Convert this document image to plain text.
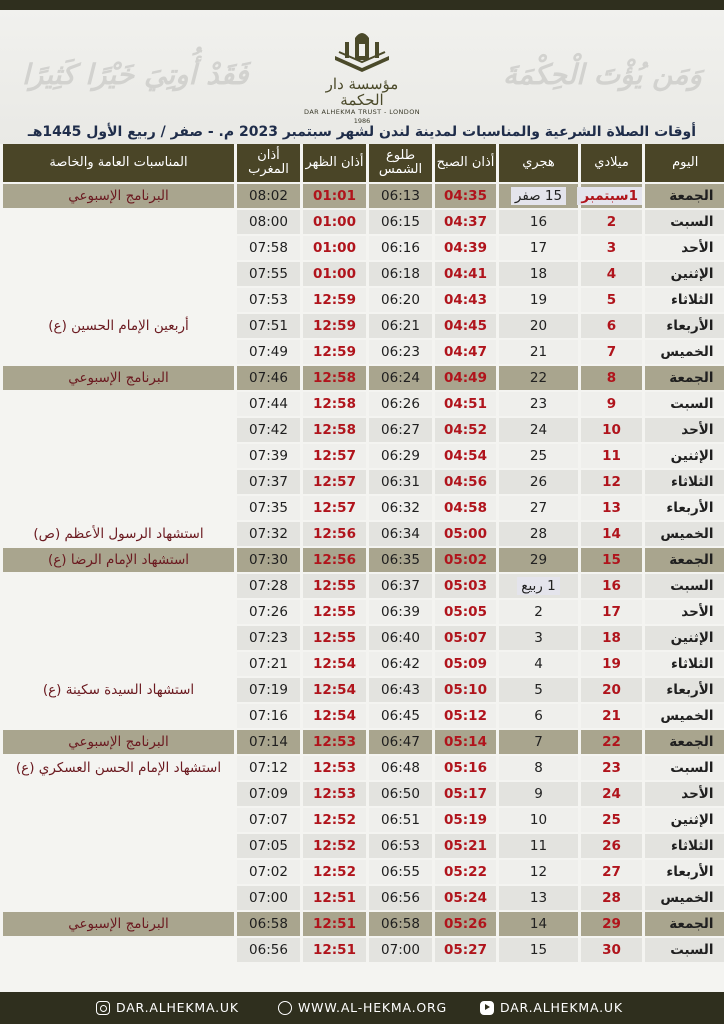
وَمَن يُؤْتَ الْحِكْمَةَ
فَقَدْ أُوتِيَ خَيْرًا كَثِيرًا	مؤسسة دار الحكمة
DAR ALHEKMA TRUST - LONDON
1986
أوقات الصلاة الشرعية والمناسبات لمدينة لندن لشهر سبتمبر 2023 م. - صفر / ربيع الأول 1445هـ
اليوم	ميلادي	هجري	أذان الصبح	طلوع الشمس	أذان الظهر	أذان المغرب	المناسبات العامة والخاصة
الجمعة	1سبتمبر	15 صفر	04:35	06:13	01:01	08:02	البرنامج الإسبوعي
السبت	2	16	04:37	06:15	01:00	08:00	
الأحد	3	17	04:39	06:16	01:00	07:58	
الإثنين	4	18	04:41	06:18	01:00	07:55	
الثلاثاء	5	19	04:43	06:20	12:59	07:53	
الأربعاء	6	20	04:45	06:21	12:59	07:51	أربعين الإمام الحسين (ع)
الخميس	7	21	04:47	06:23	12:59	07:49	
الجمعة	8	22	04:49	06:24	12:58	07:46	البرنامج الإسبوعي
السبت	9	23	04:51	06:26	12:58	07:44	
الأحد	10	24	04:52	06:27	12:58	07:42	
الإثنين	11	25	04:54	06:29	12:57	07:39	
الثلاثاء	12	26	04:56	06:31	12:57	07:37	
الأربعاء	13	27	04:58	06:32	12:57	07:35	
الخميس	14	28	05:00	06:34	12:56	07:32	استشهاد الرسول الأعظم (ص)
الجمعة	15	29	05:02	06:35	12:56	07:30	استشهاد الإمام الرضا (ع)
السبت	16	1 ربيع	05:03	06:37	12:55	07:28	
الأحد	17	2	05:05	06:39	12:55	07:26	
الإثنين	18	3	05:07	06:40	12:55	07:23	
الثلاثاء	19	4	05:09	06:42	12:54	07:21	
الأربعاء	20	5	05:10	06:43	12:54	07:19	استشهاد السيدة سكينة (ع)
الخميس	21	6	05:12	06:45	12:54	07:16	
الجمعة	22	7	05:14	06:47	12:53	07:14	البرنامج الإسبوعي
السبت	23	8	05:16	06:48	12:53	07:12	استشهاد الإمام الحسن العسكري (ع)
الأحد	24	9	05:17	06:50	12:53	07:09	
الإثنين	25	10	05:19	06:51	12:52	07:07	
الثلاثاء	26	11	05:21	06:53	12:52	07:05	
الأربعاء	27	12	05:22	06:55	12:52	07:02	
الخميس	28	13	05:24	06:56	12:51	07:00	
الجمعة	29	14	05:26	06:58	12:51	06:58	البرنامج الإسبوعي
السبت	30	15	05:27	07:00	12:51	06:56	
DAR.ALHEKMA.UK	WWW.AL-HEKMA.ORG	DAR.ALHEKMA.UK
